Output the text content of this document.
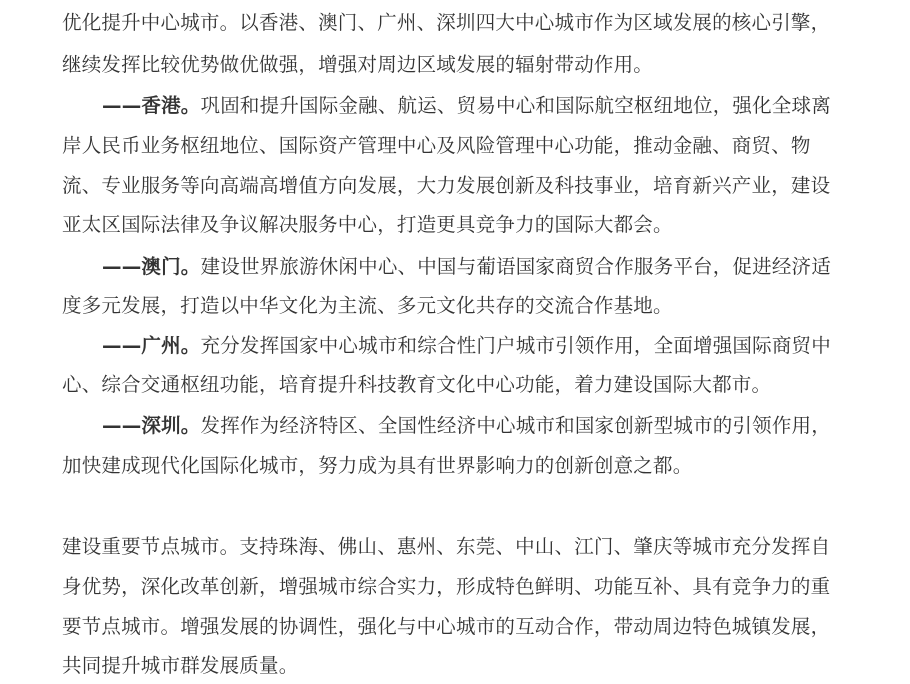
优化提升中心城市。以香港、澳门、广州、深圳四大中心城市作为区域发展的核心引擎，
继续发挥比较优势做优做强，增强对周边区域发展的辐射带动作用。
——香港。巩固和提升国际金融、航运、贸易中心和国际航空枢纽地位，强化全球离
岸人民币业务枢纽地位、国际资产管理中心及风险管理中心功能，推动金融、商贸、物
流、专业服务等向高端高增值方向发展，大力发展创新及科技事业，培育新兴产业，建设
亚太区国际法律及争议解决服务中心，打造更具竞争力的国际大都会。
——澳门。建设世界旅游休闲中心、中国与葡语国家商贸合作服务平台，促进经济适
度多元发展，打造以中华文化为主流、多元文化共存的交流合作基地。
——广州。充分发挥国家中心城市和综合性门户城市引领作用，全面增强国际商贸中
心、综合交通枢纽功能，培育提升科技教育文化中心功能，着力建设国际大都市。
——深圳。发挥作为经济特区、全国性经济中心城市和国家创新型城市的引领作用，
加快建成现代化国际化城市，努力成为具有世界影响力的创新创意之都。
建设重要节点城市。支持珠海、佛山、惠州、东莞、中山、江门、肇庆等城市充分发挥自
身优势，深化改革创新，增强城市综合实力，形成特色鲜明、功能互补、具有竞争力的重
要节点城市。增强发展的协调性，强化与中心城市的互动合作，带动周边特色城镇发展，
共同提升城市群发展质量。
